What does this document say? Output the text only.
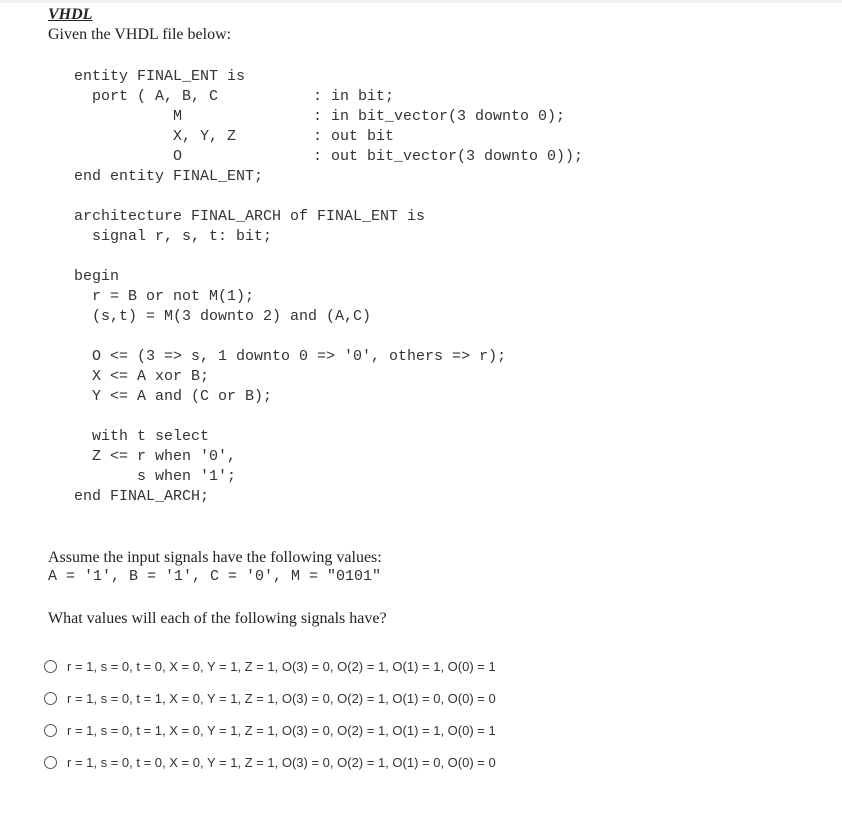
VHDL
Given the VHDL file below:
entity FINAL_ENT is
port ( A, B, C
M
X, Y, Z
O
end entity FINAL_ENT;
: in bit;
: in bit_vector(3 downto 0);
: out bit
: out bit_vector(3 downto 0));
architecture FINAL_ARCH of FINAL_ENT is
signal r, s, t: bit;
begin
r = B or not M(1);
(s,t) = M(3 downto 2) and (A,C)
O <= (3 => s, 1 downto 0 => '0', others => r);
X <= A xor B;
Y <= A and (C or B);
with t select
Z <= r when '0',
s when '1';
end FINAL_ARCH;
Assume the input signals have the following values:
A = '1', B = '1', C = '0', M = "0101"
What values will each of the following signals have?
r = 1, s = 0, t = 0, X = 0, Y = 1, Z = 1, O(3) = 0, O(2) = 1, O(1) = 1, O(0) = 1
r = 1, s = 0, t = 1, X = 0, Y = 1, Z = 1, O(3) = 0, O(2) = 1, O(1) = 0, O(0) = 0
r = 1, s = 0, t = 1, X = 0, Y = 1, Z = 1, O(3) = 0, O(2) = 1, O(1) = 1, O(0) = 1
r = 1, s = 0, t = 0, X = 0, Y = 1, Z = 1, O(3) = 0, O(2) = 1, O(1) = 0, O(0) = 0
